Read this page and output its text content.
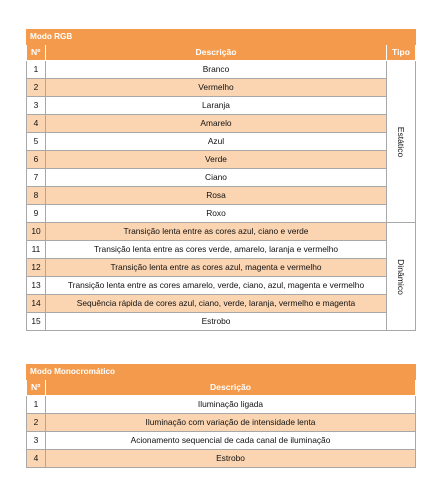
Modo RGB		
Nº	Descrição	Tipo
1	Branco	Estático

2	Vermelho	
3	Laranja	
4	Amarelo	
5	Azul	
6	Verde	
7	Ciano	
8	Rosa	
9	Roxo	
10	Transição lenta entre as cores azul, ciano e verde	Dinâmico

11	Transição lenta entre as cores verde, amarelo, laranja e vermelho	
12	Transição lenta entre as cores azul, magenta e vermelho	
13	Transição lenta entre as cores amarelo, verde, ciano, azul, magenta e vermelho	
14	Sequência rápida de cores azul, ciano, verde, laranja, vermelho e magenta	
15	Estrobo	
Modo Monocromático	
Nº	Descrição
1	Iluminação ligada
2	Iluminação com variação de intensidade lenta
3	Acionamento sequencial de cada canal de iluminação
4	Estrobo
